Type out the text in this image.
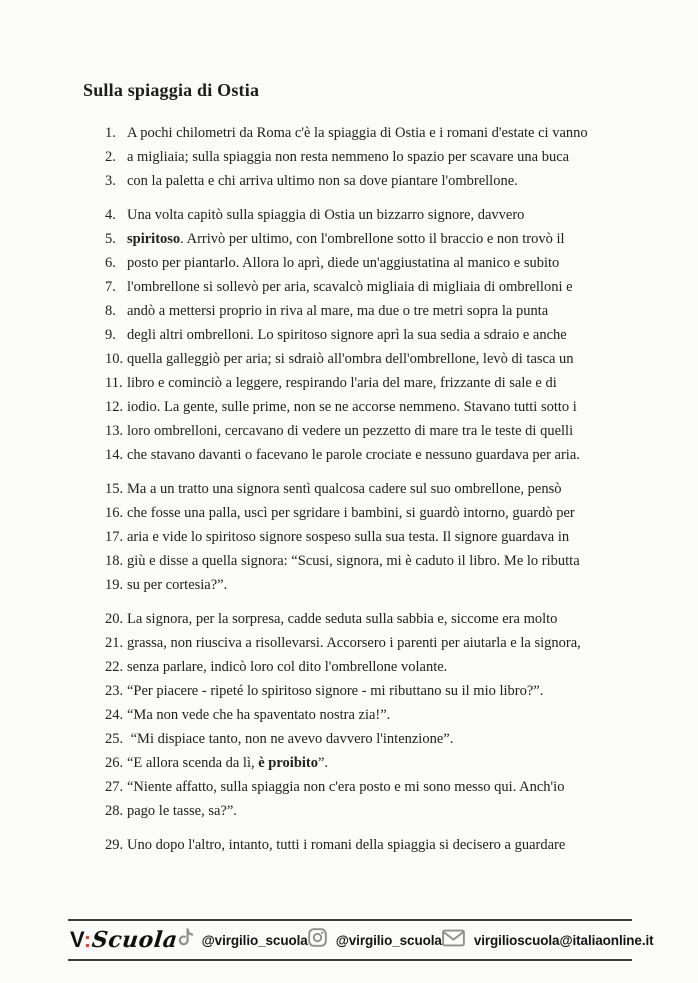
Sulla spiaggia di Ostia
1. A pochi chilometri da Roma c'è la spiaggia di Ostia e i romani d'estate ci vanno
2. a migliaia; sulla spiaggia non resta nemmeno lo spazio per scavare una buca
3. con la paletta e chi arriva ultimo non sa dove piantare l'ombrellone.
4. Una volta capitò sulla spiaggia di Ostia un bizzarro signore, davvero
5. spiritoso. Arrivò per ultimo, con l'ombrellone sotto il braccio e non trovò il
6. posto per piantarlo. Allora lo aprì, diede un'aggiustatina al manico e subito
7. l'ombrellone si sollevò per aria, scavalcò migliaia di migliaia di ombrelloni e
8. andò a mettersi proprio in riva al mare, ma due o tre metri sopra la punta
9. degli altri ombrelloni. Lo spiritoso signore aprì la sua sedia a sdraio e anche
10. quella galleggiò per aria; si sdraiò all'ombra dell'ombrellone, levò di tasca un
11. libro e cominciò a leggere, respirando l'aria del mare, frizzante di sale e di
12. iodio. La gente, sulle prime, non se ne accorse nemmeno. Stavano tutti sotto i
13. loro ombrelloni, cercavano di vedere un pezzetto di mare tra le teste di quelli
14. che stavano davanti o facevano le parole crociate e nessuno guardava per aria.
15. Ma a un tratto una signora sentì qualcosa cadere sul suo ombrellone, pensò
16. che fosse una palla, uscì per sgridare i bambini, si guardò intorno, guardò per
17. aria e vide lo spiritoso signore sospeso sulla sua testa. Il signore guardava in
18. giù e disse a quella signora: “Scusi, signora, mi è caduto il libro. Me lo ributta
19. su per cortesia?”.
20. La signora, per la sorpresa, cadde seduta sulla sabbia e, siccome era molto
21. grassa, non riusciva a risollevarsi. Accorsero i parenti per aiutarla e la signora,
22. senza parlare, indicò loro col dito l'ombrellone volante.
23. “Per piacere - ripeté lo spiritoso signore - mi ributtano su il mio libro?”.
24. “Ma non vede che ha spaventato nostra zia!”.
25. “Mi dispiace tanto, non ne avevo davvero l'intenzione”.
26. “E allora scenda da lì, è proibito”.
27. “Niente affatto, sulla spiaggia non c'era posto e mi sono messo qui. Anch'io
28. pago le tasse, sa?”.
29. Uno dopo l'altro, intanto, tutti i romani della spiaggia si decisero a guardare
V : Scuola @virgilio_scuola @virgilio_scuola virgilioscuola@italiaonline.it
